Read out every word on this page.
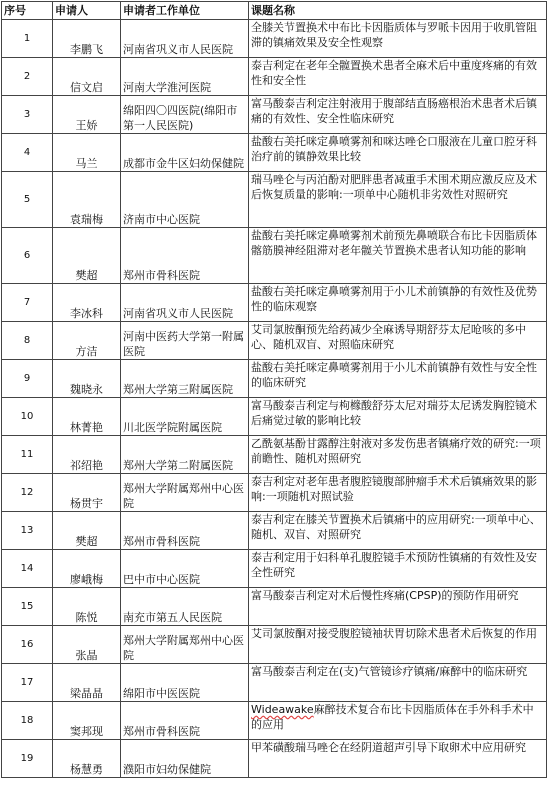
序号	申请人	申请者工作单位	课题名称
1	李鹏飞	河南省巩义市人民医院	全膝关节置换术中布比卡因脂质体与罗哌卡因用于收肌管阻滞的镇痛效果及安全性观察
2	信文启	河南大学淮河医院	泰吉利定在老年全髋置换术患者全麻术后中重度疼痛的有效性和安全性
3	王娇	绵阳四〇四医院(绵阳市第一人民医院)	富马酸泰吉利定注射液用于腹部结直肠癌根治术患者术后镇痛的有效性、安全性临床研究
4	马兰	成都市金牛区妇幼保健院	盐酸右美托咪定鼻喷雾剂和咪达唑仑口服液在儿童口腔牙科治疗前的镇静效果比较
5	袁瑞梅	济南市中心医院	瑞马唑仑与丙泊酚对肥胖患者减重手术围术期应激反应及术后恢复质量的影响:一项单中心随机非劣效性对照研究
6	樊超	郑州市骨科医院	盐酸右美托咪定鼻喷雾剂术前预先鼻喷联合布比卡因脂质体髂筋膜神经阻滞对老年髋关节置换术患者认知功能的影响
7	李冰科	河南省巩义市人民医院	盐酸右美托咪定鼻喷雾剂用于小儿术前镇静的有效性及优势性的临床观察
8	方洁	河南中医药大学第一附属医院	艾司氯胺酮预先给药减少全麻诱导期舒芬太尼呛咳的多中心、随机双盲、对照临床研究
9	魏晓永	郑州大学第三附属医院	盐酸右美托咪定鼻喷雾剂用于小儿术前镇静有效性与安全性的临床研究
10	林菁艳	川北医学院附属医院	富马酸泰吉利定与枸橼酸舒芬太尼对瑞芬太尼诱发胸腔镜术后痛觉过敏的影响比较
11	祁绍艳	郑州大学第二附属医院	乙酰氨基酚甘露醇注射液对多发伤患者镇痛疗效的研究:一项前瞻性、随机对照研究
12	杨贯宇	郑州大学附属郑州中心医院	泰吉利定对老年患者腹腔镜腹部肿瘤手术术后镇痛效果的影响:一项随机对照试验
13	樊超	郑州市骨科医院	泰吉利定在膝关节置换术后镇痛中的应用研究:一项单中心、随机、双盲、对照研究
14	廖峨梅	巴中市中心医院	泰吉利定用于妇科单孔腹腔镜手术预防性镇痛的有效性及安全性研究
15	陈悦	南充市第五人民医院	富马酸泰吉利定对术后慢性疼痛(CPSP)的预防作用研究
16	张晶	郑州大学附属郑州中心医院	艾司氯胺酮对接受腹腔镜袖状胃切除术患者术后恢复的作用
17	梁晶晶	绵阳市中医医院	富马酸泰吉利定在(支)气管镜诊疗镇痛/麻醉中的临床研究
18	窦邦现	郑州市骨科医院	Wideawake麻醉技术复合布比卡因脂质体在手外科手术中的应用
19	杨慧勇	濮阳市妇幼保健院	甲苯磺酸瑞马唑仑在经阴道超声引导下取卵术中应用研究
